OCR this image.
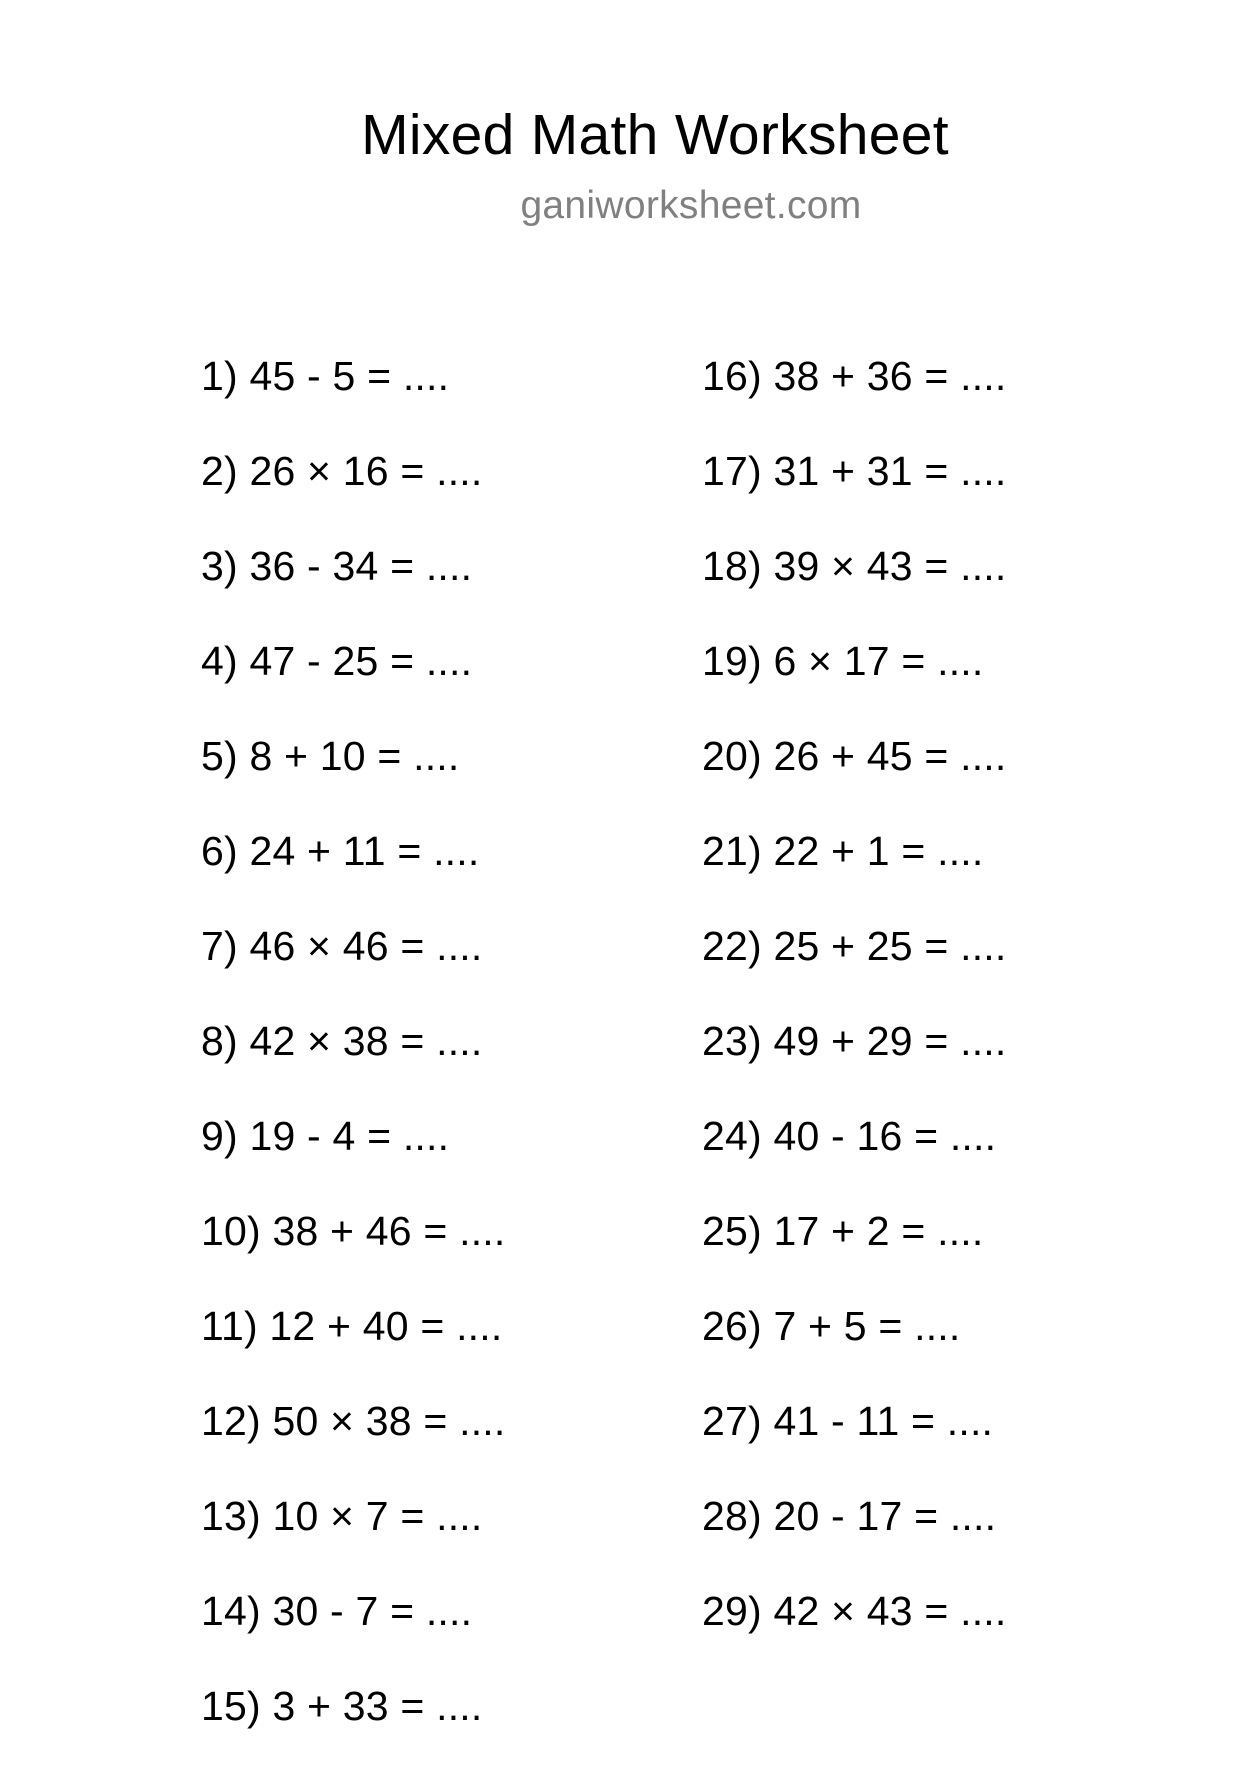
Mixed Math Worksheet

ganiworksheet.com

1) 45 - 5 = ....
2) 26 × 16 = ....
3) 36 - 34 = ....
4) 47 - 25 = ....
5) 8 + 10 = ....
6) 24 + 11 = ....
7) 46 × 46 = ....
8) 42 × 38 = ....
9) 19 - 4 = ....
10) 38 + 46 = ....
11) 12 + 40 = ....
12) 50 × 38 = ....
13) 10 × 7 = ....
14) 30 - 7 = ....
15) 3 + 33 = ....
16) 38 + 36 = ....
17) 31 + 31 = ....
18) 39 × 43 = ....
19) 6 × 17 = ....
20) 26 + 45 = ....
21) 22 + 1 = ....
22) 25 + 25 = ....
23) 49 + 29 = ....
24) 40 - 16 = ....
25) 17 + 2 = ....
26) 7 + 5 = ....
27) 41 - 11 = ....
28) 20 - 17 = ....
29) 42 × 43 = ....
